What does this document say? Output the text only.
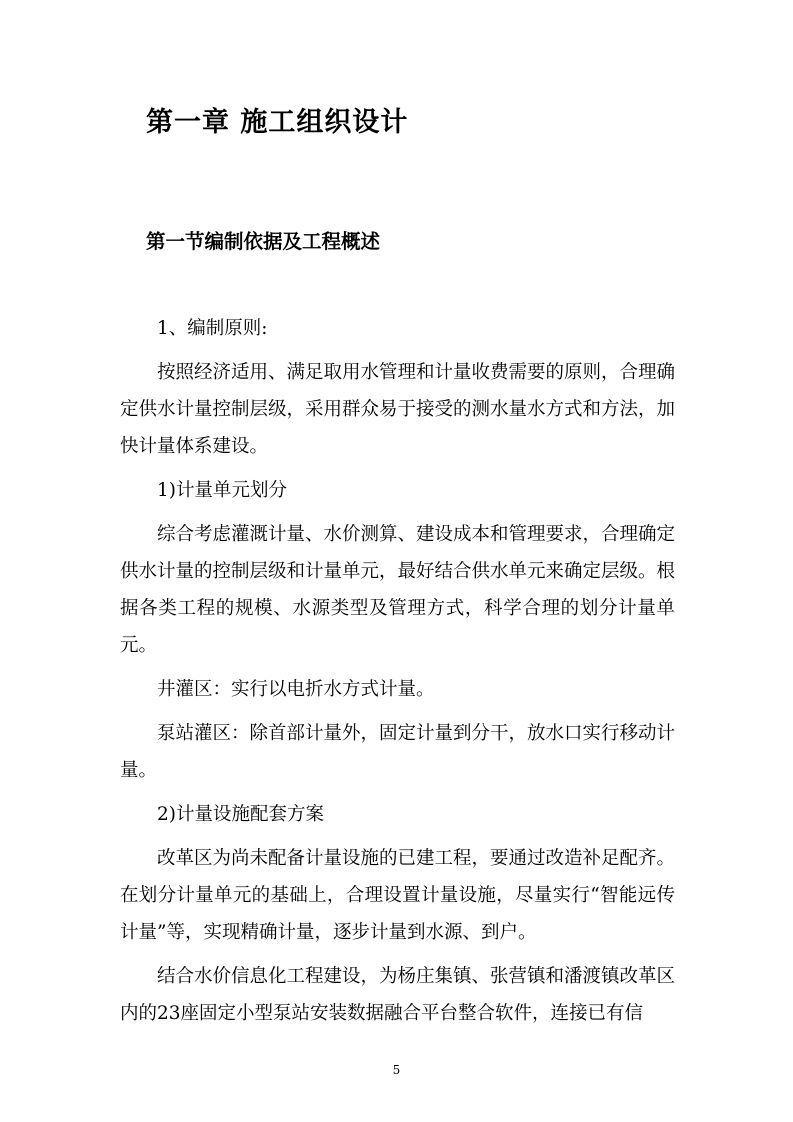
第一章 施工组织设计
第一节编制依据及工程概述

1、编制原则:

按照经济适用、满足取用水管理和计量收费需要的原则，合理确定供水计量控制层级，采用群众易于接受的测水量水方式和方法，加快计量体系建设。

1)计量单元划分

综合考虑灌溉计量、水价测算、建设成本和管理要求，合理确定供水计量的控制层级和计量单元，最好结合供水单元来确定层级。根据各类工程的规模、水源类型及管理方式，科学合理的划分计量单元。

井灌区：实行以电折水方式计量。

泵站灌区：除首部计量外，固定计量到分干，放水口实行移动计量。

2)计量设施配套方案

改革区为尚未配备计量设施的已建工程，要通过改造补足配齐。在划分计量单元的基础上，合理设置计量设施，尽量实行“智能远传计量”等，实现精确计量，逐步计量到水源、到户。

结合水价信息化工程建设，为杨庄集镇、张营镇和潘渡镇改革区内的23座固定小型泵站安装数据融合平台整合软件，连接已有信

5
